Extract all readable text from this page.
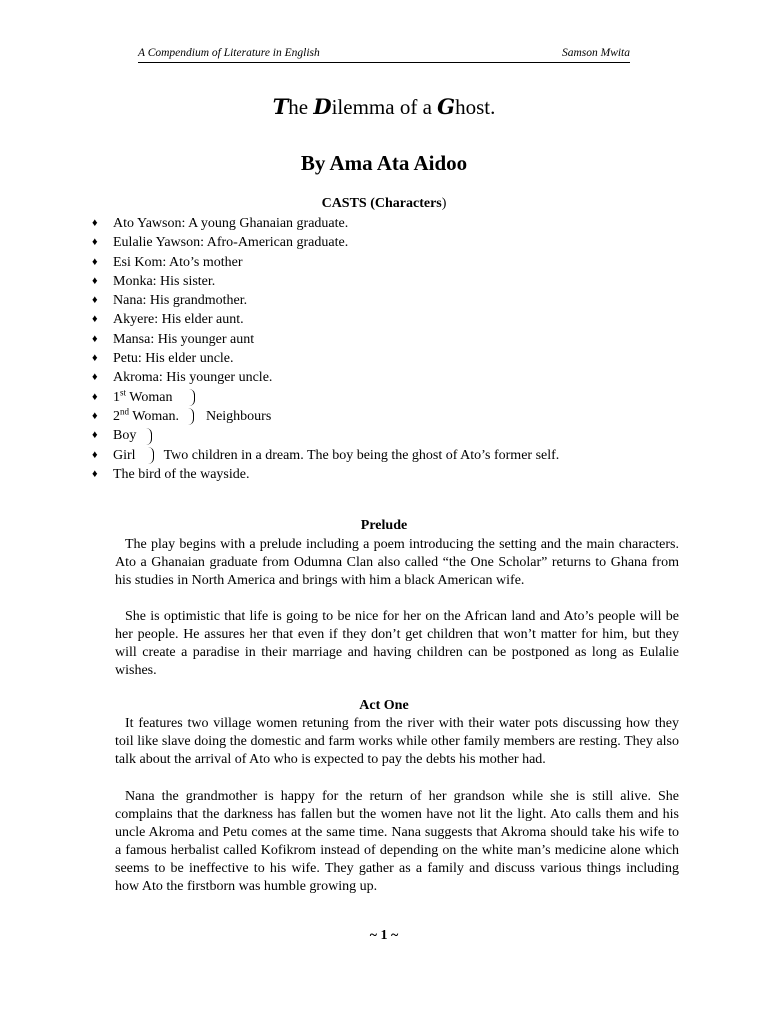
A Compendium of Literature in English	Samson Mwita
The Dilemma of a Ghost.
By Ama Ata Aidoo
CASTS (Characters)
♦ Ato Yawson: A young Ghanaian graduate.
♦ Eulalie Yawson: Afro-American graduate.
♦ Esi Kom: Ato’s mother
♦ Monka: His sister.
♦ Nana: His grandmother.
♦ Akyere: His elder aunt.
♦ Mansa: His younger aunt
♦ Petu: His elder uncle.
♦ Akroma: His younger uncle.
♦ 1st Woman
♦ 2nd Woman. Neighbours
♦ Boy
♦ Girl Two children in a dream. The boy being the ghost of Ato’s former self.
♦ The bird of the wayside.
Prelude

The play begins with a prelude including a poem introducing the setting and the main characters. Ato a Ghanaian graduate from Odumna Clan also called “the One Scholar” returns to Ghana from his studies in North America and brings with him a black American wife.

She is optimistic that life is going to be nice for her on the African land and Ato’s people will be her people. He assures her that even if they don’t get children that won’t matter for him, but they will create a paradise in their marriage and having children can be postponed as long as Eulalie wishes.

Act One

It features two village women retuning from the river with their water pots discussing how they toil like slave doing the domestic and farm works while other family members are resting. They also talk about the arrival of Ato who is expected to pay the debts his mother had.

Nana the grandmother is happy for the return of her grandson while she is still alive. She complains that the darkness has fallen but the women have not lit the light. Ato calls them and his uncle Akroma and Petu comes at the same time. Nana suggests that Akroma should take his wife to a famous herbalist called Kofikrom instead of depending on the white man’s medicine alone which seems to be ineffective to his wife. They gather as a family and discuss various things including how Ato the firstborn was humble growing up.

~ 1 ~
